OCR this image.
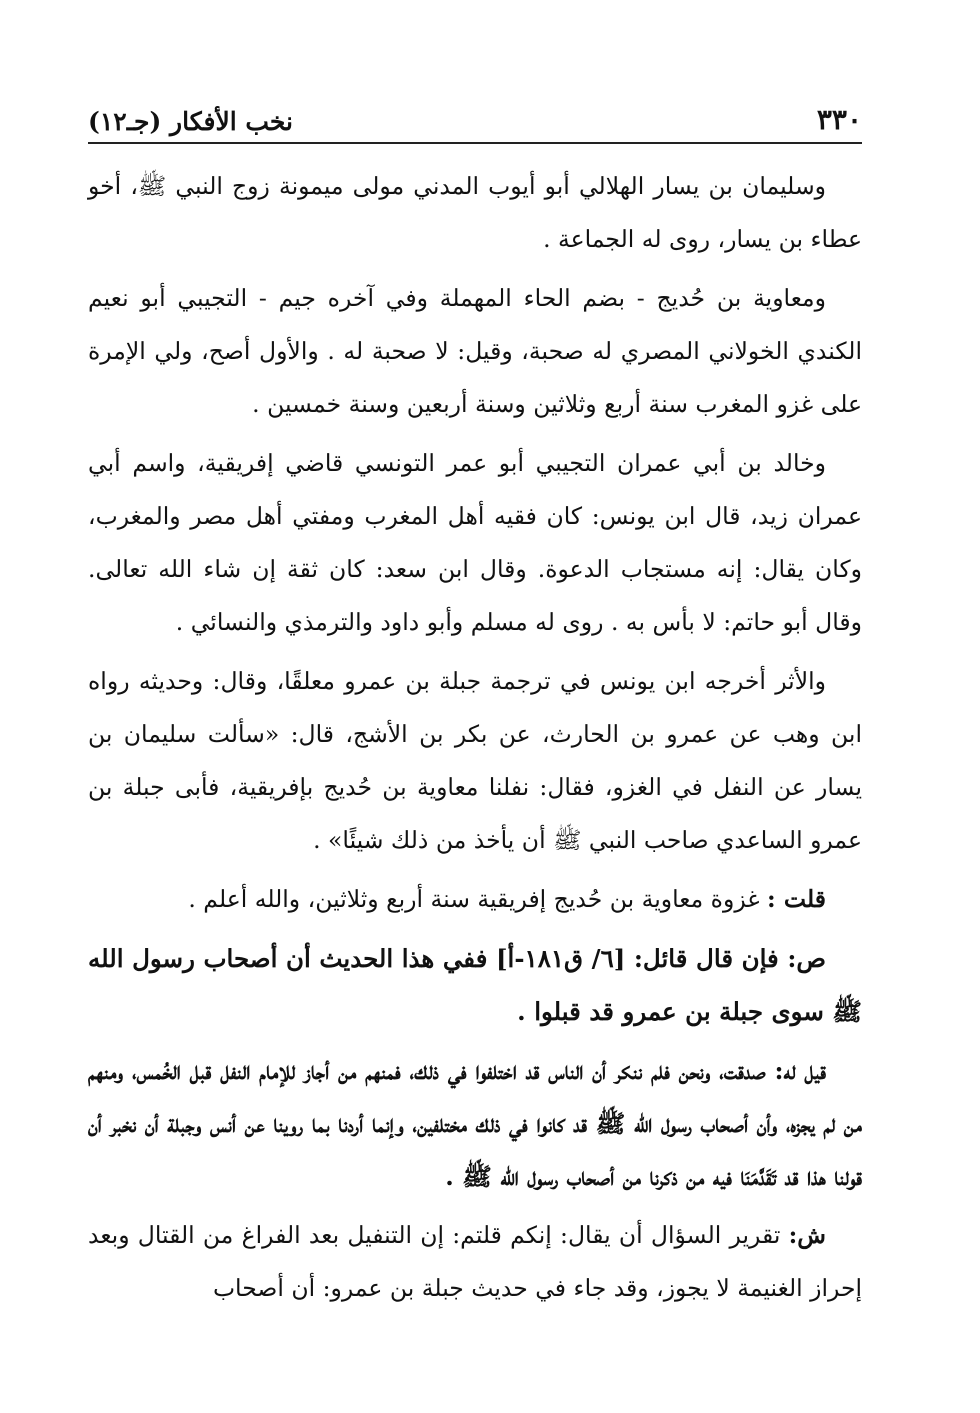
٣٣٠
نخب الأفكار (جـ١٢)

وسليمان بن يسار الهلالي أبو أيوب المدني مولى ميمونة زوج النبي ﷺ، أخو عطاء بن يسار، روى له الجماعة .

ومعاوية بن حُديج - بضم الحاء المهملة وفي آخره جيم - التجيبي أبو نعيم الكندي الخولاني المصري له صحبة، وقيل: لا صحبة له . والأول أصح، ولي الإمرة على غزو المغرب سنة أربع وثلاثين وسنة أربعين وسنة خمسين .

وخالد بن أبي عمران التجيبي أبو عمر التونسي قاضي إفريقية، واسم أبي عمران زيد، قال ابن يونس: كان فقيه أهل المغرب ومفتي أهل مصر والمغرب، وكان يقال: إنه مستجاب الدعوة. وقال ابن سعد: كان ثقة إن شاء الله تعالى. وقال أبو حاتم: لا بأس به . روى له مسلم وأبو داود والترمذي والنسائي .

والأثر أخرجه ابن يونس في ترجمة جبلة بن عمرو معلقًا، وقال: وحديثه رواه ابن وهب عن عمرو بن الحارث، عن بكر بن الأشج، قال: «سألت سليمان بن يسار عن النفل في الغزو، فقال: نفلنا معاوية بن حُديج بإفريقية، فأبى جبلة بن عمرو الساعدي صاحب النبي ﷺ أن يأخذ من ذلك شيئًا» .

قلت : غزوة معاوية بن حُديج إفريقية سنة أربع وثلاثين، والله أعلم .

ص: فإن قال قائل: [٦/ ق١٨١-أ] ففي هذا الحديث أن أصحاب رسول الله ﷺ سوى جبلة بن عمرو قد قبلوا .

قيل له: صدقت، ونحن فلم ننكر أن الناس قد اختلفوا في ذلك، فمنهم من أجاز للإمام النفل قبل الخُمس، ومنهم من لم يجزه، وأن أصحاب رسول الله ﷺ قد كانوا في ذلك مختلفين، وإنما أردنا بما روينا عن أنس وجبلة أن نخبر أن قولنا هذا قد تَقَدَّمَنَا فيه من ذكرنا من أصحاب رسول الله ﷺ .

ش: تقرير السؤال أن يقال: إنكم قلتم: إن التنفيل بعد الفراغ من القتال وبعد إحراز الغنيمة لا يجوز، وقد جاء في حديث جبلة بن عمرو: أن أصحاب
